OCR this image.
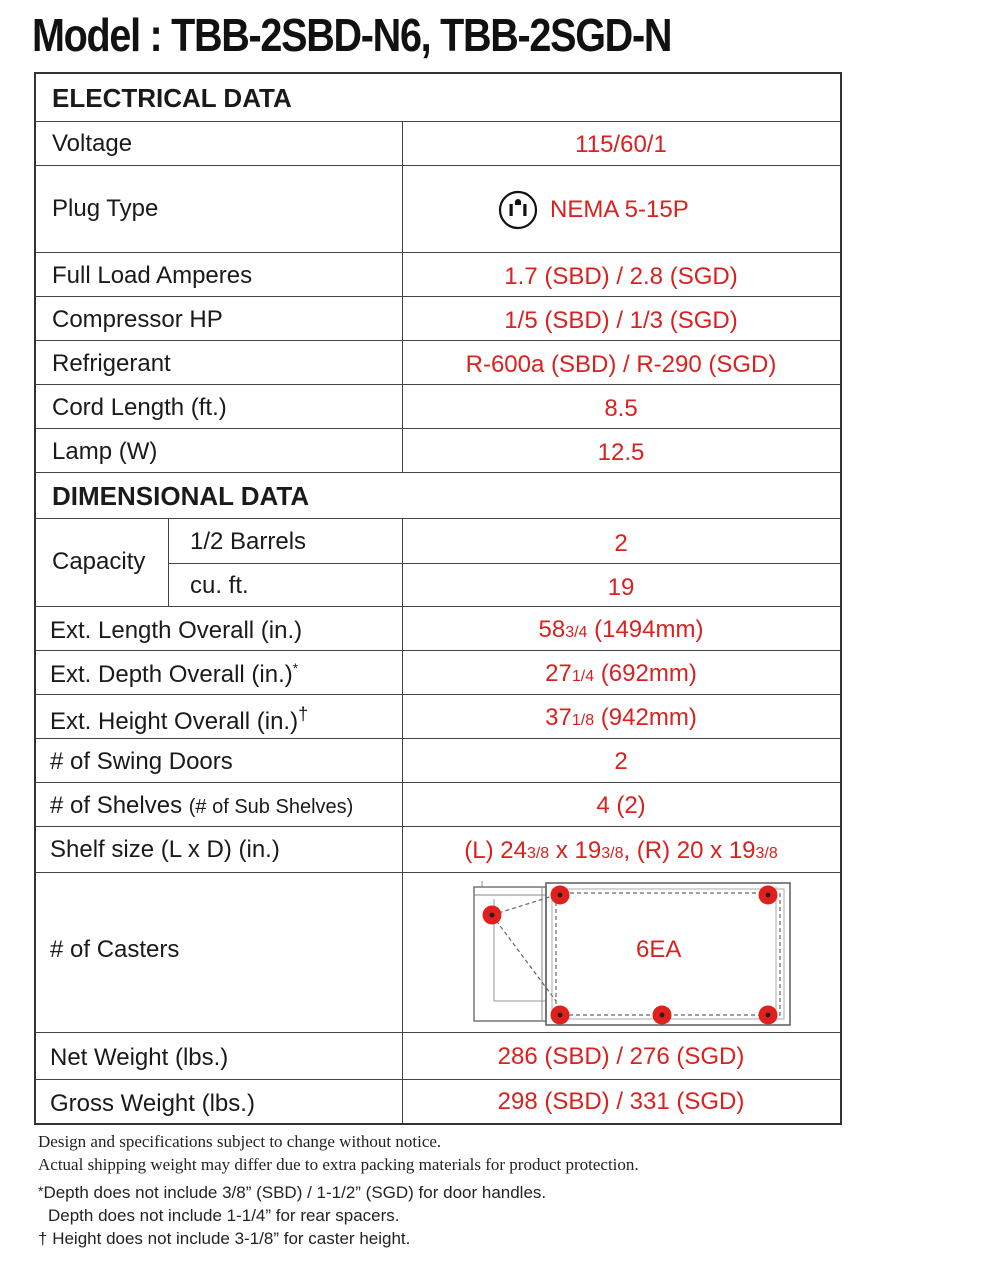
Model : TBB-2SBD-N6, TBB-2SGD-N
ELECTRICAL DATA
Voltage	115/60/1
Plug Type	NEMA 5-15P
Full Load Amperes	1.7 (SBD) / 2.8 (SGD)
Compressor HP	1/5 (SBD) / 1/3 (SGD)
Refrigerant	R-600a (SBD) / R-290 (SGD)
Cord Length (ft.)	8.5
Lamp (W)	12.5
DIMENSIONAL DATA
Capacity
1/2 Barrels	2
cu. ft.	19
Ext. Length Overall (in.)	583/4 (1494mm)
Ext. Depth Overall (in.)*	271/4 (692mm)
Ext. Height Overall (in.)†	371/8 (942mm)
# of Swing Doors	2
# of Shelves (# of Sub Shelves)	4 (2)
Shelf size (L x D) (in.)	(L) 243/8 x 193/8, (R) 20 x 193/8
# of Casters	6EA
Net Weight (lbs.)	286 (SBD) / 276 (SGD)
Gross Weight (lbs.)	298 (SBD) / 331 (SGD)
Design and specifications subject to change without notice.
Actual shipping weight may differ due to extra packing materials for product protection.
*Depth does not include 3/8” (SBD) / 1-1/2” (SGD) for door handles.
Depth does not include 1-1/4” for rear spacers.
† Height does not include 3-1/8” for caster height.
